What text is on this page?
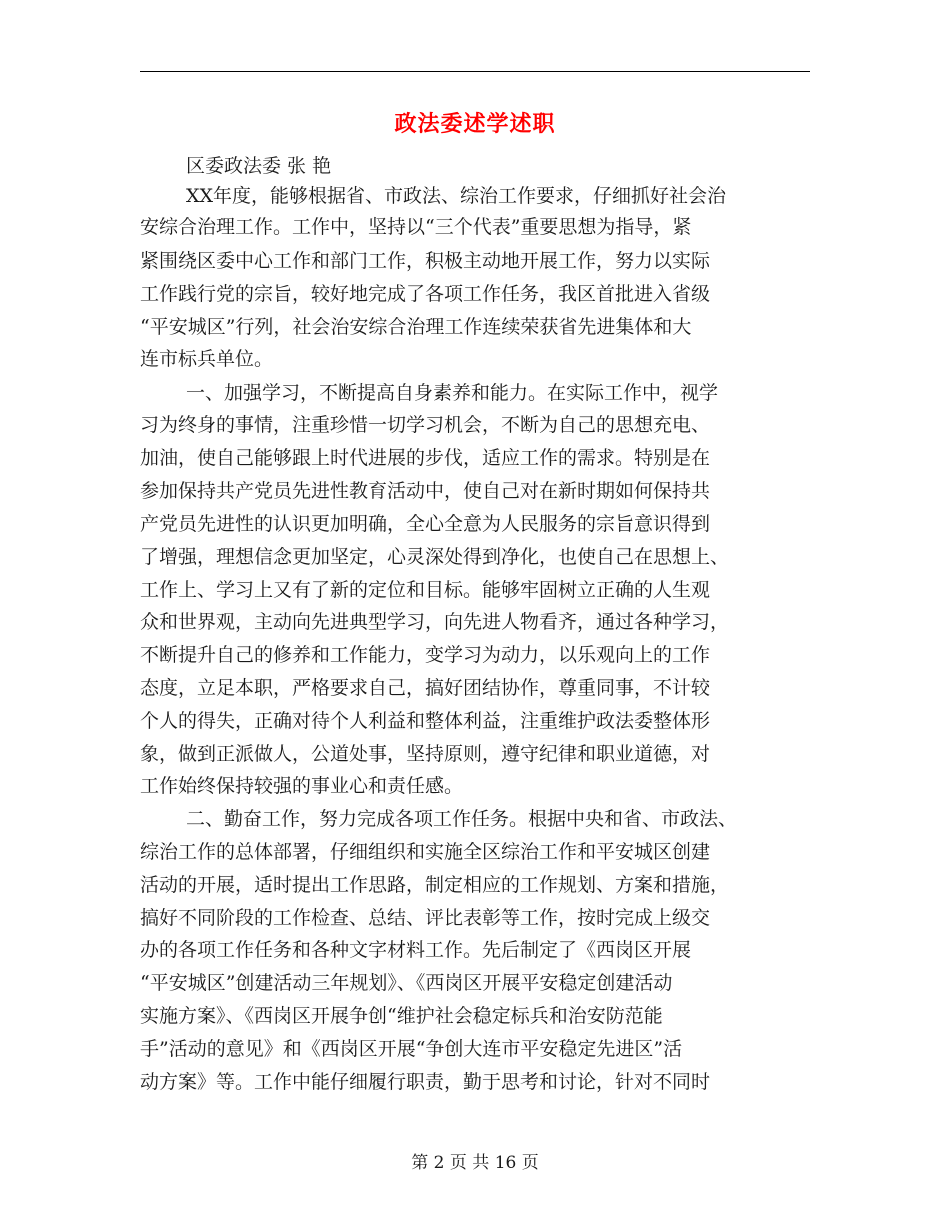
政法委述学述职
区委政法委 张 艳
XX年度，能够根据省、市政法、综治工作要求，仔细抓好社会治
安综合治理工作。工作中，坚持以“三个代表”重要思想为指导，紧
紧围绕区委中心工作和部门工作，积极主动地开展工作，努力以实际
工作践行党的宗旨，较好地完成了各项工作任务，我区首批进入省级
“平安城区”行列，社会治安综合治理工作连续荣获省先进集体和大
连市标兵单位。
一、加强学习，不断提高自身素养和能力。在实际工作中，视学
习为终身的事情，注重珍惜一切学习机会，不断为自己的思想充电、
加油，使自己能够跟上时代进展的步伐，适应工作的需求。特别是在
参加保持共产党员先进性教育活动中，使自己对在新时期如何保持共
产党员先进性的认识更加明确，全心全意为人民服务的宗旨意识得到
了增强，理想信念更加坚定，心灵深处得到净化，也使自己在思想上、
工作上、学习上又有了新的定位和目标。能够牢固树立正确的人生观
众和世界观，主动向先进典型学习，向先进人物看齐，通过各种学习，
不断提升自己的修养和工作能力，变学习为动力，以乐观向上的工作
态度，立足本职，严格要求自己，搞好团结协作，尊重同事，不计较
个人的得失，正确对待个人利益和整体利益，注重维护政法委整体形
象，做到正派做人，公道处事，坚持原则，遵守纪律和职业道德，对
工作始终保持较强的事业心和责任感。
二、勤奋工作，努力完成各项工作任务。根据中央和省、市政法、
综治工作的总体部署，仔细组织和实施全区综治工作和平安城区创建
活动的开展，适时提出工作思路，制定相应的工作规划、方案和措施，
搞好不同阶段的工作检查、总结、评比表彰等工作，按时完成上级交
办的各项工作任务和各种文字材料工作。先后制定了《西岗区开展
“平安城区”创建活动三年规划》、《西岗区开展平安稳定创建活动
实施方案》、《西岗区开展争创“维护社会稳定标兵和治安防范能
手”活动的意见》和《西岗区开展“争创大连市平安稳定先进区”活
动方案》等。工作中能仔细履行职责，勤于思考和讨论，针对不同时
第 2 页 共 16 页
